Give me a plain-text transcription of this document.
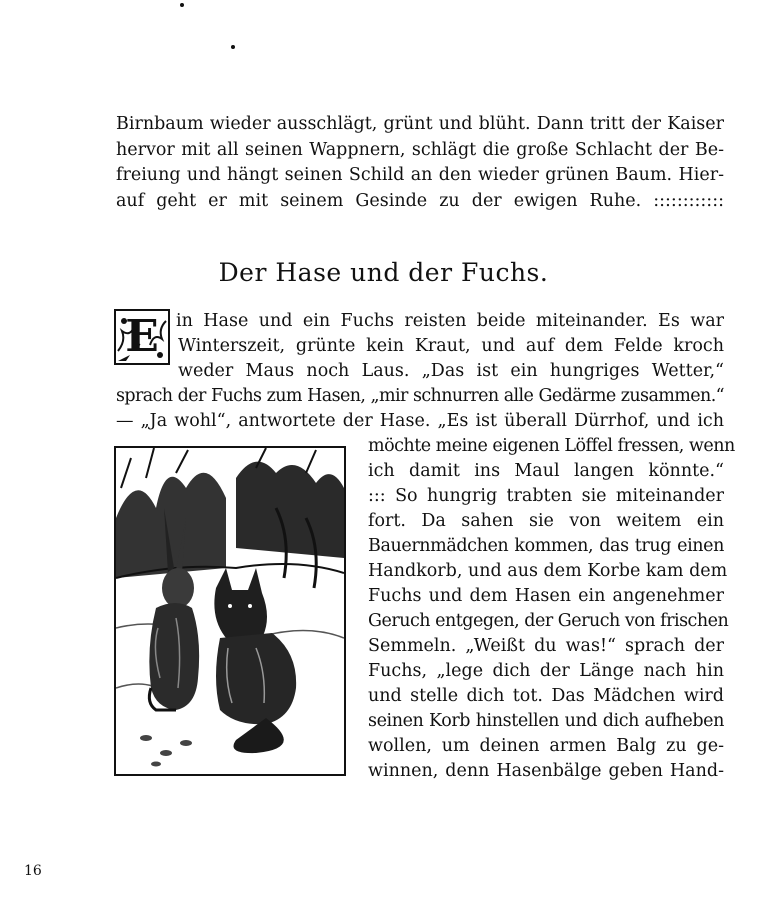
Birnbaum wieder ausschlägt, grünt und blüht. Dann tritt der Kaiser
hervor mit all seinen Wappnern, schlägt die große Schlacht der Be-
freiung und hängt seinen Schild an den wieder grünen Baum. Hier-
auf geht er mit seinem Gesinde zu der ewigen Ruhe. ::::::::::::
Der Hase und der Fuchs.
E in Hase und ein Fuchs reisten beide miteinander. Es war
Winterszeit, grünte kein Kraut, und auf dem Felde kroch
weder Maus noch Laus. „Das ist ein hungriges Wetter,“
sprach der Fuchs zum Hasen, „mir schnurren alle Gedärme zusammen.“
— „Ja wohl“, antwortete der Hase. „Es ist überall Dürrhof, und ich
möchte meine eigenen Löffel fressen, wenn
ich damit ins Maul langen könnte.“
::: So hungrig trabten sie miteinander
fort. Da sahen sie von weitem ein
Bauernmädchen kommen, das trug einen
Handkorb, und aus dem Korbe kam dem
Fuchs und dem Hasen ein angenehmer
Geruch entgegen, der Geruch von frischen
Semmeln. „Weißt du was!“ sprach der
Fuchs, „lege dich der Länge nach hin
und stelle dich tot. Das Mädchen wird
seinen Korb hinstellen und dich aufheben
wollen, um deinen armen Balg zu ge-
winnen, denn Hasenbälge geben Hand-
16
